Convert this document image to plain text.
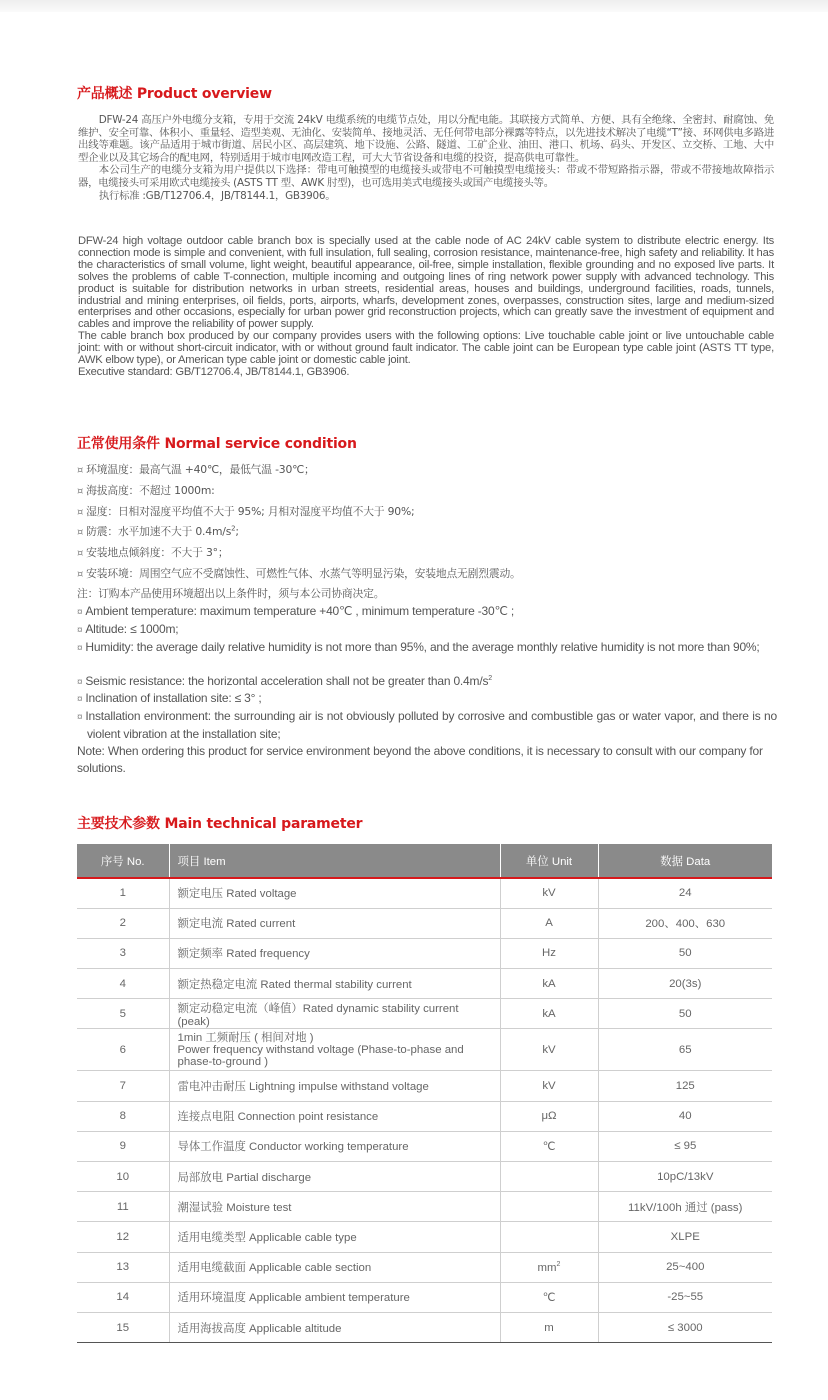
产品概述 Product overview

DFW-24 高压户外电缆分支箱，专用于交流 24kV 电缆系统的电缆节点处，用以分配电能。其联接方式简单、方便、具有全绝缘、全密封、耐腐蚀、免维护、安全可靠、体积小、重量轻、造型美观、无油化、安装简单、接地灵活、无任何带电部分裸露等特点，以先进技术解决了电缆“T”接、环网供电多路进出线等难题。该产品适用于城市街道、居民小区、高层建筑、地下设施、公路、隧道、工矿企业、油田、港口、机场、码头、开发区、立交桥、工地、大中型企业以及其它场合的配电网，特别适用于城市电网改造工程，可大大节省设备和电缆的投资，提高供电可靠性。

本公司生产的电缆分支箱为用户提供以下选择：带电可触摸型的电缆接头或带电不可触摸型电缆接头：带或不带短路指示器，带或不带接地故障指示器，电缆接头可采用欧式电缆接头 (ASTS TT 型、AWK 肘型)，也可选用美式电缆接头或国产电缆接头等。

执行标准 :GB/T12706.4，JB/T8144.1，GB3906。

DFW-24 high voltage outdoor cable branch box is specially used at the cable node of AC 24kV cable system to distribute electric energy. Its connection mode is simple and convenient, with full insulation, full sealing, corrosion resistance, maintenance-free, high safety and reliability. It has the characteristics of small volume, light weight, beautiful appearance, oil-free, simple installation, flexible grounding and no exposed live parts. It solves the problems of cable T-connection, multiple incoming and outgoing lines of ring network power supply with advanced technology. This product is suitable for distribution networks in urban streets, residential areas, houses and buildings, underground facilities, roads, tunnels, industrial and mining enterprises, oil fields, ports, airports, wharfs, development zones, overpasses, construction sites, large and medium-sized enterprises and other occasions, especially for urban power grid reconstruction projects, which can greatly save the investment of equipment and cables and improve the reliability of power supply.

The cable branch box produced by our company provides users with the following options: Live touchable cable joint or live untouchable cable joint: with or without short-circuit indicator, with or without ground fault indicator. The cable joint can be European type cable joint (ASTS TT type, AWK elbow type), or American type cable joint or domestic cable joint.

Executive standard: GB/T12706.4, JB/T8144.1, GB3906.

正常使用条件 Normal service condition
¤ 环境温度：最高气温 +40℃，最低气温 -30℃；
¤ 海拔高度：不超过 1000m:
¤ 湿度：日相对湿度平均值不大于 95%; 月相对湿度平均值不大于 90%;
¤ 防震：水平加速不大于 $0.4m/s^2$;
¤ 安装地点倾斜度：不大于 3°；
¤ 安装环境：周围空气应不受腐蚀性、可燃性气体、水蒸气等明显污染，安装地点无剧烈震动。
注：订购本产品使用环境超出以上条件时，须与本公司协商决定。
¤ Ambient temperature: maximum temperature +40℃ , minimum temperature -30℃ ;
¤ Altitude: ≤ 1000m;
¤ Humidity: the average daily relative humidity is not more than 95%, and the average monthly relative humidity is not more than 90%;
¤ Seismic resistance: the horizontal acceleration shall not be greater than $0.4m/s^2$
¤ Inclination of installation site: ≤ 3° ;
¤ Installation environment: the surrounding air is not obviously polluted by corrosive and combustible gas or water vapor, and there is no violent vibration at the installation site;
Note: When ordering this product for service environment beyond the above conditions, it is necessary to consult with our company for solutions.
主要技术参数 Main technical parameter
序号 No.	项目 Item	单位 Unit	数据 Data
1	额定电压 Rated voltage	kV	24
2	额定电流 Rated current	A	200、400、630
3	额定频率 Rated frequency	Hz	50
4	额定热稳定电流 Rated thermal stability current	kA	20(3s)
5	额定动稳定电流（峰值）Rated dynamic stability current (peak)	kA	50
6	1min 工频耐压 ( 相间对地 )
Power frequency withstand voltage (Phase-to-phase and
phase-to-ground )	kV	65
7	雷电冲击耐压 Lightning impulse withstand voltage	kV	125
8	连接点电阻 Connection point resistance	μΩ	40
9	导体工作温度 Conductor working temperature	℃	≤ 95
10	局部放电 Partial discharge		10pC/13kV
11	潮湿试验 Moisture test		11kV/100h 通过 (pass)
12	适用电缆类型 Applicable cable type		XLPE
13	适用电缆截面 Applicable cable section	$mm^2$	25~400
14	适用环境温度 Applicable ambient temperature	℃	-25~55
15	适用海拔高度 Applicable altitude	m	≤ 3000
